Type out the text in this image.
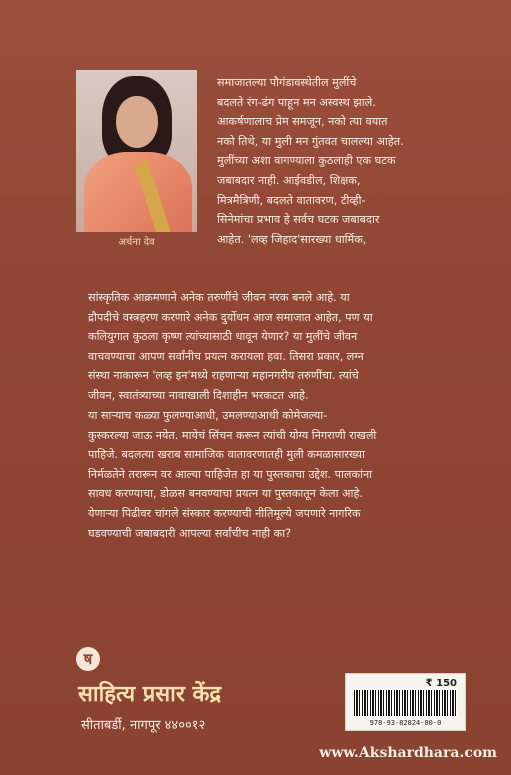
अर्चना देव
समाजातल्या पौगंडावस्थेतील मुलींचे
बदलते रंग-ढंग पाहून मन अस्वस्थ झाले.
आकर्षणालाच प्रेम समजून, नको त्या वयात
नको तिथे, या मुली मन गुंतवत चालल्या आहेत.
मुलींच्या अशा वागण्याला कुठलाही एक घटक
जबाबदार नाही. आईवडील, शिक्षक,
मित्रमैत्रिणी, बदलते वातावरण, टीव्ही-
सिनेमांचा प्रभाव हे सर्वच घटक जबाबदार
आहेत. 'लव्ह जिहाद'सारख्या धार्मिक,
सांस्कृतिक आक्रमणाने अनेक तरुणींचे जीवन नरक बनले आहे. या
द्रौपदीचे वस्त्रहरण करणारे अनेक दुर्योधन आज समाजात आहेत, पण या
कलियुगात कुठला कृष्ण त्यांच्यासाठी धावून येणार? या मुलींचे जीवन
वाचवण्याचा आपण सर्वांनीच प्रयत्न करायला हवा. तिसरा प्रकार, लग्न
संस्था नाकारून 'लव्ह इन'मध्ये राहणाऱ्या महानगरीय तरुणींचा. त्यांचे
जीवन, स्वातंत्र्याच्या नावाखाली दिशाहीन भरकटत आहे.
या साऱ्याच कळ्या फुलण्याआधी, उमलण्याआधी कोमेजल्या-
कुस्करल्या जाऊ नयेत. मायेचं सिंचन करून त्यांची योग्य निगराणी राखली
पाहिजे. बदलत्या खराब सामाजिक वातावरणातही मुली कमळासारख्या
निर्मळतेने तरारून वर आल्या पाहिजेत हा या पुस्तकाचा उद्देश. पालकांना
सावध करण्याचा, डोळस बनवण्याचा प्रयत्न या पुस्तकातून केला आहे.
येणाऱ्या पिढीवर चांगले संस्कार करण्याची नीतिमूल्ये जपणारे नागरिक
घडवण्याची जबाबदारी आपल्या सर्वांचीच नाही का?
ष
साहित्य प्रसार केंद्र
सीताबर्डी, नागपूर ४४००१२
₹ 150
978-93-82824-80-0
www.Akshardhara.com
